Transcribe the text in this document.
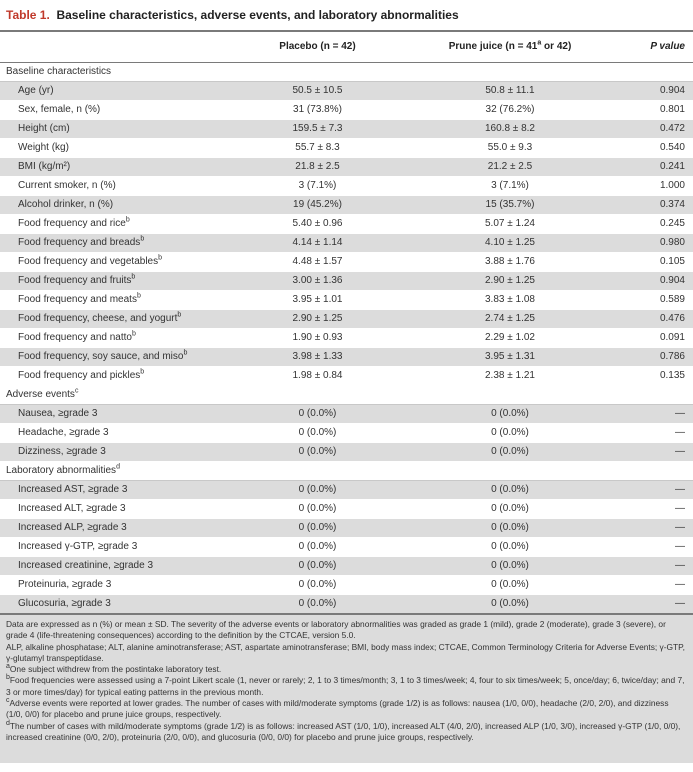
Table 1. Baseline characteristics, adverse events, and laboratory abnormalities
	Placebo (n = 42)	Prune juice ($n = 41^a$ or 42)	P value
Baseline characteristics			
Age (yr)	50.5 ± 10.5	50.8 ± 11.1	0.904
Sex, female, n (%)	31 (73.8%)	32 (76.2%)	0.801
Height (cm)	159.5 ± 7.3	160.8 ± 8.2	0.472
Weight (kg)	55.7 ± 8.3	55.0 ± 9.3	0.540
BMI (kg/m²)	21.8 ± 2.5	21.2 ± 2.5	0.241
Current smoker, n (%)	3 (7.1%)	3 (7.1%)	1.000
Alcohol drinker, n (%)	19 (45.2%)	15 (35.7%)	0.374
Food frequency and rice$^b$	5.40 ± 0.96	5.07 ± 1.24	0.245
Food frequency and breads$^b$	4.14 ± 1.14	4.10 ± 1.25	0.980
Food frequency and vegetables$^b$	4.48 ± 1.57	3.88 ± 1.76	0.105
Food frequency and fruits$^b$	3.00 ± 1.36	2.90 ± 1.25	0.904
Food frequency and meats$^b$	3.95 ± 1.01	3.83 ± 1.08	0.589
Food frequency, cheese, and yogurt$^b$	2.90 ± 1.25	2.74 ± 1.25	0.476
Food frequency and natto$^b$	1.90 ± 0.93	2.29 ± 1.02	0.091
Food frequency, soy sauce, and miso$^b$	3.98 ± 1.33	3.95 ± 1.31	0.786
Food frequency and pickles$^b$	1.98 ± 0.84	2.38 ± 1.21	0.135
Adverse events$^c$
Nausea, ≥grade 3	0 (0.0%)	0 (0.0%)	—
Headache, ≥grade 3	0 (0.0%)	0 (0.0%)	—
Dizziness, ≥grade 3	0 (0.0%)	0 (0.0%)	—
Laboratory abnormalities$^d$
Increased AST, ≥grade 3	0 (0.0%)	0 (0.0%)	—
Increased ALT, ≥grade 3	0 (0.0%)	0 (0.0%)	—
Increased ALP, ≥grade 3	0 (0.0%)	0 (0.0%)	—
Increased γ-GTP, ≥grade 3	0 (0.0%)	0 (0.0%)	—
Increased creatinine, ≥grade 3	0 (0.0%)	0 (0.0%)	—
Proteinuria, ≥grade 3	0 (0.0%)	0 (0.0%)	—
Glucosuria, ≥grade 3	0 (0.0%)	0 (0.0%)	—

Data are expressed as n (%) or mean ± SD. The severity of the adverse events or laboratory abnormalities was graded as grade 1 (mild), grade 2 (moderate), grade 3 (severe), or grade 4 (life-threatening consequences) according to the definition by the CTCAE, version 5.0.

ALP, alkaline phosphatase; ALT, alanine aminotransferase; AST, aspartate aminotransferase; BMI, body mass index; CTCAE, Common Terminology Criteria for Adverse Events; γ-GTP, γ-glutamyl transpeptidase.

$^a$One subject withdrew from the postintake laboratory test.

$^b$Food frequencies were assessed using a 7-point Likert scale (1, never or rarely; 2, 1 to 3 times/month; 3, 1 to 3 times/week; 4, four to six times/week; 5, once/day; 6, twice/day; and 7, 3 or more times/day) for typical eating patterns in the previous month.

$^c$Adverse events were reported at lower grades. The number of cases with mild/moderate symptoms (grade 1/2) is as follows: nausea (1/0, 0/0), headache (2/0, 2/0), and dizziness (1/0, 0/0) for placebo and prune juice groups, respectively.

$^d$The number of cases with mild/moderate symptoms (grade 1/2) is as follows: increased AST (1/0, 1/0), increased ALT (4/0, 2/0), increased ALP (1/0, 3/0), increased γ-GTP (1/0, 0/0), increased creatinine (0/0, 2/0), proteinuria (2/0, 0/0), and glucosuria (0/0, 0/0) for placebo and prune juice groups, respectively.
